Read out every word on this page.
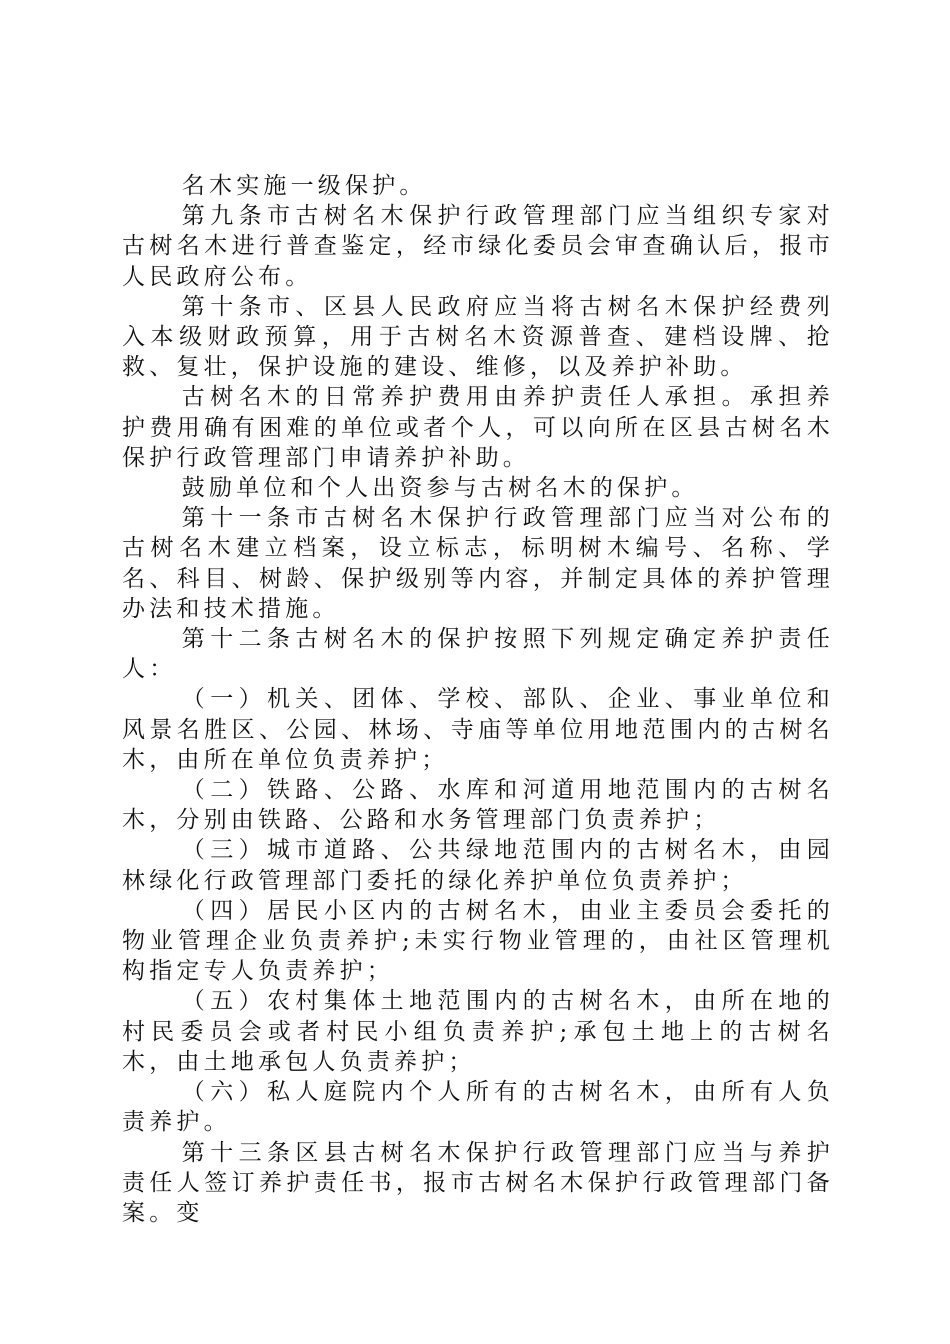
名木实施一级保护。

第九条市古树名木保护行政管理部门应当组织专家对古树名木进行普查鉴定，经市绿化委员会审查确认后，报市人民政府公布。

第十条市、区县人民政府应当将古树名木保护经费列入本级财政预算，用于古树名木资源普查、建档设牌、抢救、复壮，保护设施的建设、维修，以及养护补助。

古树名木的日常养护费用由养护责任人承担。承担养护费用确有困难的单位或者个人，可以向所在区县古树名木保护行政管理部门申请养护补助。

鼓励单位和个人出资参与古树名木的保护。

第十一条市古树名木保护行政管理部门应当对公布的古树名木建立档案，设立标志，标明树木编号、名称、学名、科目、树龄、保护级别等内容，并制定具体的养护管理办法和技术措施。

第十二条古树名木的保护按照下列规定确定养护责任人：

（一）机关、团体、学校、部队、企业、事业单位和风景名胜区、公园、林场、寺庙等单位用地范围内的古树名木，由所在单位负责养护；

（二）铁路、公路、水库和河道用地范围内的古树名木，分别由铁路、公路和水务管理部门负责养护；

（三）城市道路、公共绿地范围内的古树名木，由园林绿化行政管理部门委托的绿化养护单位负责养护；

（四）居民小区内的古树名木，由业主委员会委托的物业管理企业负责养护;未实行物业管理的，由社区管理机构指定专人负责养护；

（五）农村集体土地范围内的古树名木，由所在地的村民委员会或者村民小组负责养护;承包土地上的古树名木，由土地承包人负责养护；

（六）私人庭院内个人所有的古树名木，由所有人负责养护。

第十三条区县古树名木保护行政管理部门应当与养护责任人签订养护责任书，报市古树名木保护行政管理部门备案。变
